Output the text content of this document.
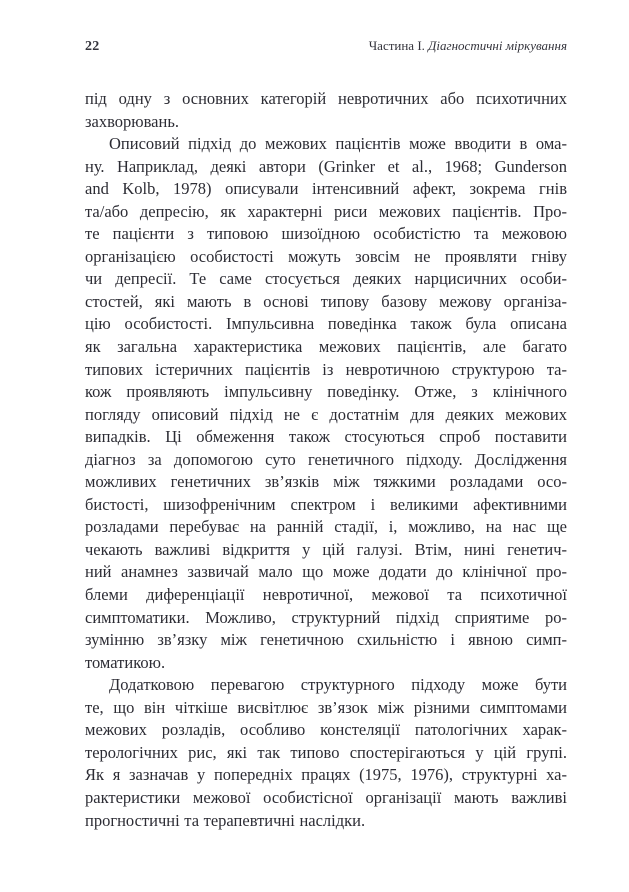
22	Частина І. Діагностичні міркування
під одну з основних категорій невротичних або психотичних
захворювань.
Описовий підхід до межових пацієнтів може вводити в ома-
ну. Наприклад, деякі автори (Grinker et al., 1968; Gunderson
and Kolb, 1978) описували інтенсивний афект, зокрема гнів
та/або депресію, як характерні риси межових пацієнтів. Про-
те пацієнти з типовою шизоїдною особистістю та межовою
організацією особистості можуть зовсім не проявляти гніву
чи депресії. Те саме стосується деяких нарцисичних особи-
стостей, які мають в основі типову базову межову організа-
цію особистості. Імпульсивна поведінка також була описана
як загальна характеристика межових пацієнтів, але багато
типових істеричних пацієнтів із невротичною структурою та-
кож проявляють імпульсивну поведінку. Отже, з клінічного
погляду описовий підхід не є достатнім для деяких межових
випадків. Ці обмеження також стосуються спроб поставити
діагноз за допомогою суто генетичного підходу. Дослідження
можливих генетичних зв’язків між тяжкими розладами осо-
бистості, шизофренічним спектром і великими афективними
розладами перебуває на ранній стадії, і, можливо, на нас ще
чекають важливі відкриття у цій галузі. Втім, нині генетич-
ний анамнез зазвичай мало що може додати до клінічної про-
блеми диференціації невротичної, межової та психотичної
симптоматики. Можливо, структурний підхід сприятиме ро-
зумінню зв’язку між генетичною схильністю і явною симп-
томатикою.
Додатковою перевагою структурного підходу може бути
те, що він чіткіше висвітлює зв’язок між різними симптомами
межових розладів, особливо констеляції патологічних харак-
терологічних рис, які так типово спостерігаються у цій групі.
Як я зазначав у попередніх працях (1975, 1976), структурні ха-
рактеристики межової особистісної організації мають важливі
прогностичні та терапевтичні наслідки.
